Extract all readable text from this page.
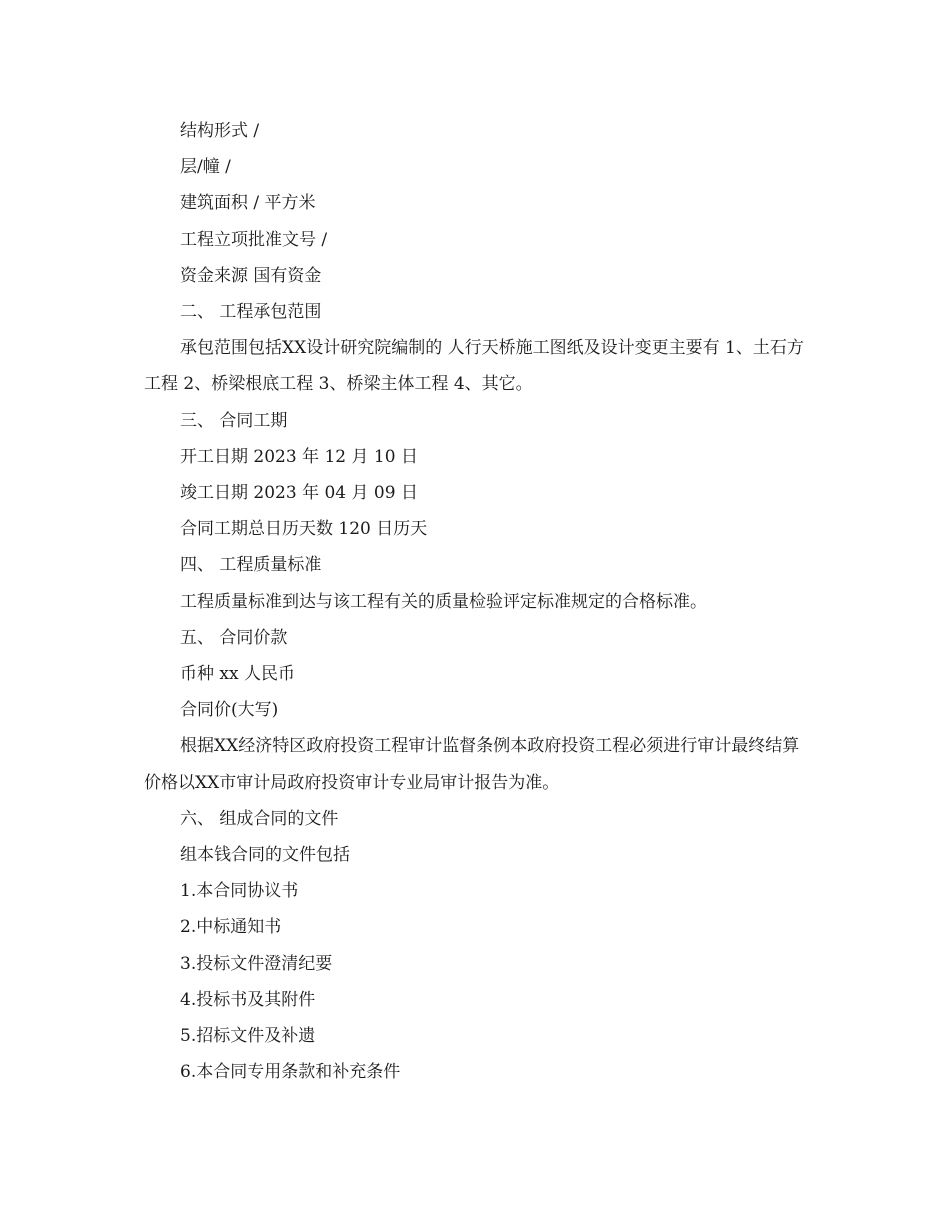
结构形式 /

层/幢 /

建筑面积 / 平方米

工程立项批准文号 /

资金来源 国有资金

二、 工程承包范围

承包范围包括XX设计研究院编制的 人行天桥施工图纸及设计变更主要有 1、土石方工程 2、桥梁根底工程 3、桥梁主体工程 4、其它。

三、 合同工期

开工日期 2023 年 12 月 10 日

竣工日期 2023 年 04 月 09 日

合同工期总日历天数 120 日历天

四、 工程质量标准

工程质量标准到达与该工程有关的质量检验评定标准规定的合格标准。

五、 合同价款

币种 xx 人民币

合同价(大写)

根据XX经济特区政府投资工程审计监督条例本政府投资工程必须进行审计最终结算价格以XX市审计局政府投资审计专业局审计报告为准。

六、 组成合同的文件

组本钱合同的文件包括

1.本合同协议书

2.中标通知书

3.投标文件澄清纪要

4.投标书及其附件

5.招标文件及补遗

6.本合同专用条款和补充条件
